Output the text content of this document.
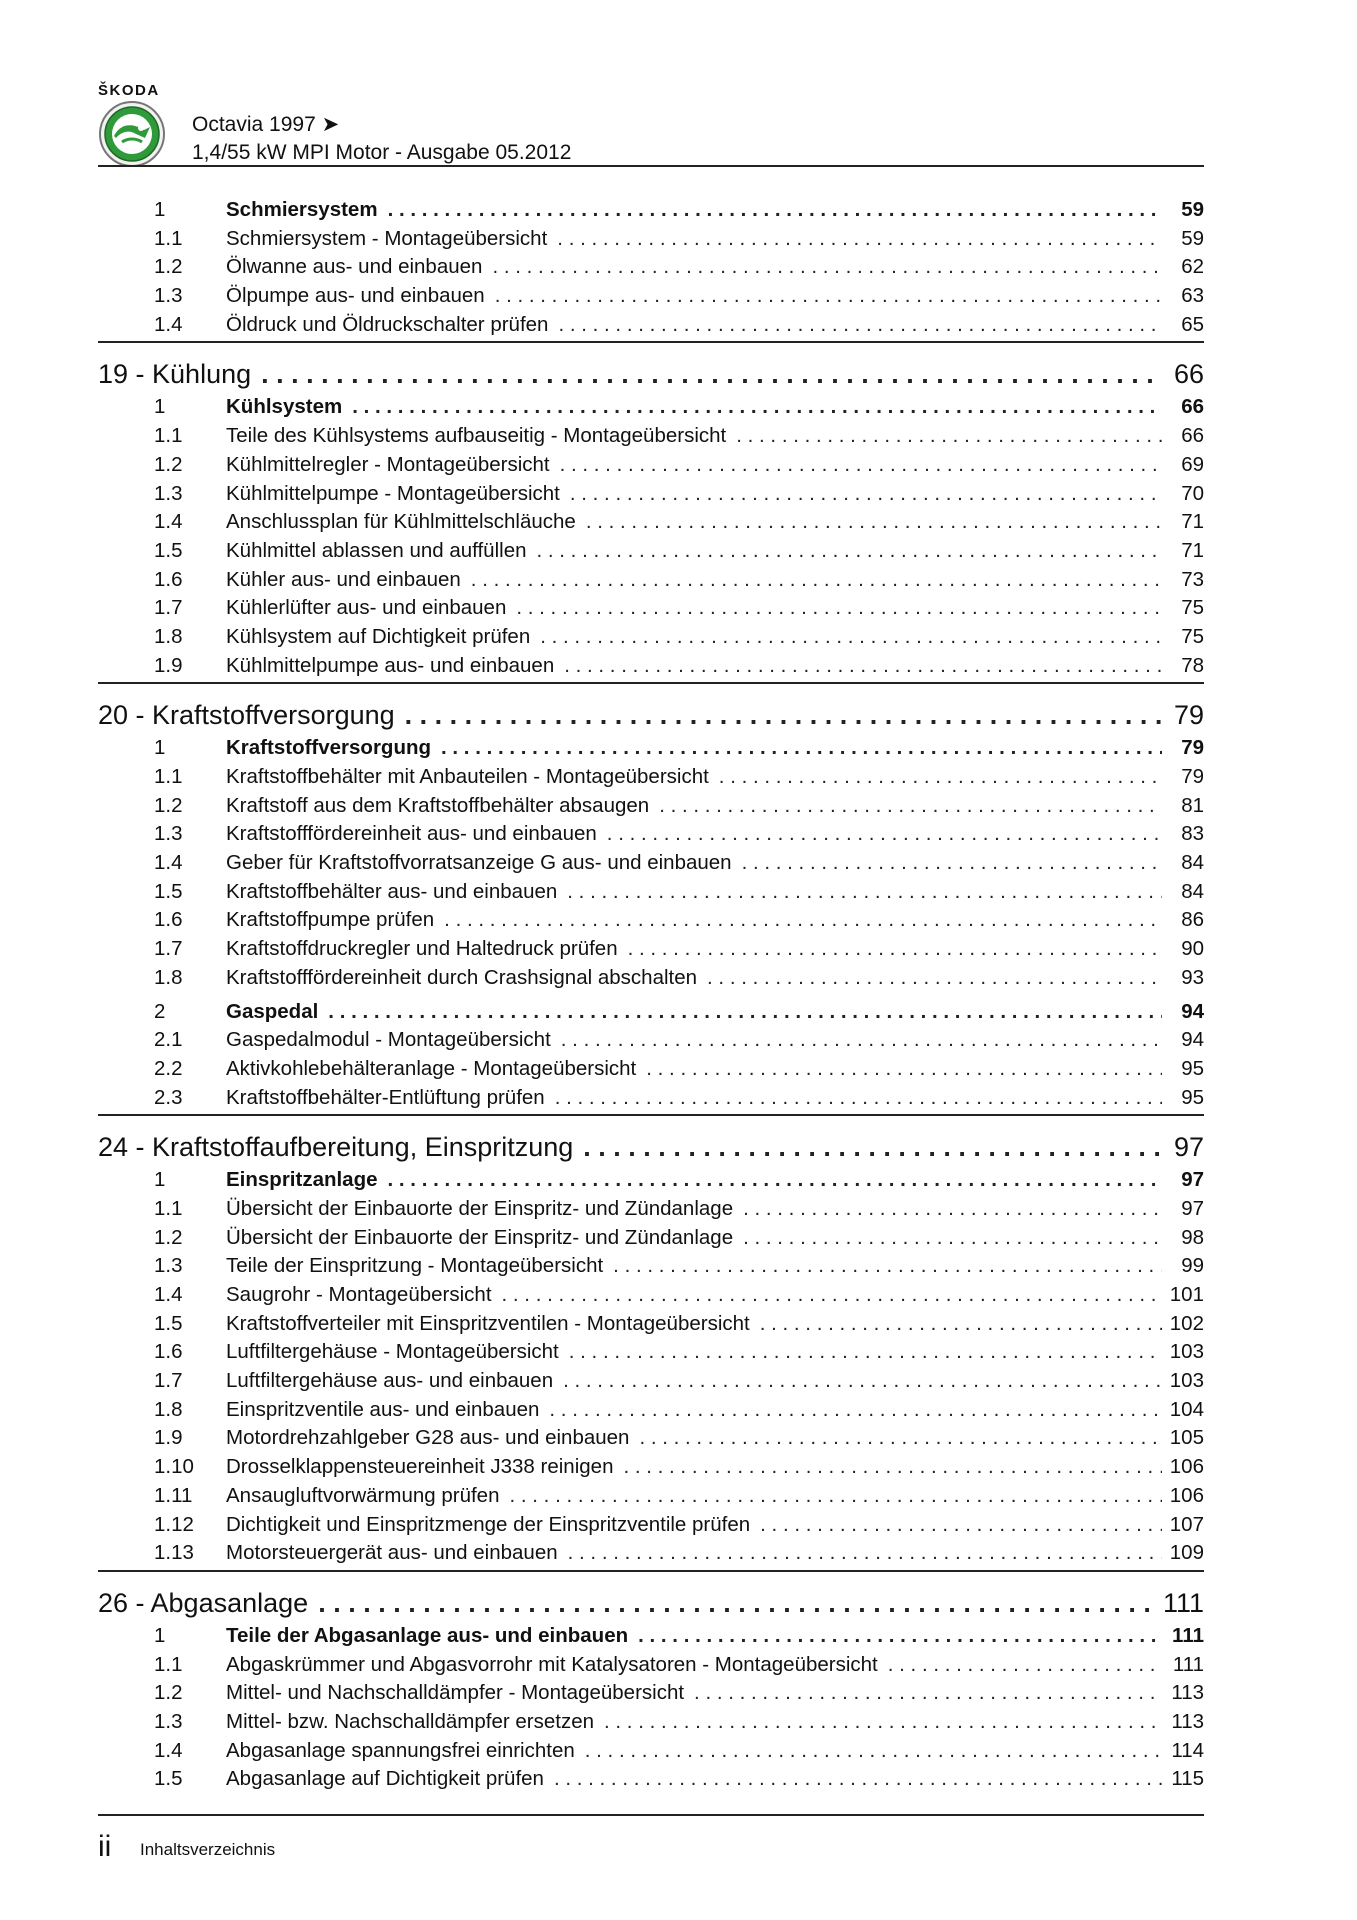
ŠKODA
Octavia 1997 ➤
1,4/55 kW MPI Motor - Ausgabe 05.2012
1	Schmiersystem . . .	59
1.1	Schmiersystem - Montageübersicht . . .	59
1.2	Ölwanne aus- und einbauen . . .	62
1.3	Ölpumpe aus- und einbauen . . .	63
1.4	Öldruck und Öldruckschalter prüfen . . .	65
19 - Kühlung . . .	66
1	Kühlsystem . . .	66
1.1	Teile des Kühlsystems aufbauseitig - Montageübersicht . . .	66
1.2	Kühlmittelregler - Montageübersicht . . .	69
1.3	Kühlmittelpumpe - Montageübersicht . . .	70
1.4	Anschlussplan für Kühlmittelschläuche . . .	71
1.5	Kühlmittel ablassen und auffüllen . . .	71
1.6	Kühler aus- und einbauen . . .	73
1.7	Kühlerlüfter aus- und einbauen . . .	75
1.8	Kühlsystem auf Dichtigkeit prüfen . . .	75
1.9	Kühlmittelpumpe aus- und einbauen . . .	78
20 - Kraftstoffversorgung . . .	79
1	Kraftstoffversorgung . . .	79
1.1	Kraftstoffbehälter mit Anbauteilen - Montageübersicht . . .	79
1.2	Kraftstoff aus dem Kraftstoffbehälter absaugen . . .	81
1.3	Kraftstofffördereinheit aus- und einbauen . . .	83
1.4	Geber für Kraftstoffvorratsanzeige G aus- und einbauen . . .	84
1.5	Kraftstoffbehälter aus- und einbauen . . .	84
1.6	Kraftstoffpumpe prüfen . . .	86
1.7	Kraftstoffdruckregler und Haltedruck prüfen . . .	90
1.8	Kraftstofffördereinheit durch Crashsignal abschalten . . .	93
2	Gaspedal . . .	94
2.1	Gaspedalmodul - Montageübersicht . . .	94
2.2	Aktivkohlebehälteranlage - Montageübersicht . . .	95
2.3	Kraftstoffbehälter-Entlüftung prüfen . . .	95
24 - Kraftstoffaufbereitung, Einspritzung . . .	97
1	Einspritzanlage . . .	97
1.1	Übersicht der Einbauorte der Einspritz- und Zündanlage . . .	97
1.2	Übersicht der Einbauorte der Einspritz- und Zündanlage . . .	98
1.3	Teile der Einspritzung - Montageübersicht . . .	99
1.4	Saugrohr - Montageübersicht . . .	101
1.5	Kraftstoffverteiler mit Einspritzventilen - Montageübersicht . . .	102
1.6	Luftfiltergehäuse - Montageübersicht . . .	103
1.7	Luftfiltergehäuse aus- und einbauen . . .	103
1.8	Einspritzventile aus- und einbauen . . .	104
1.9	Motordrehzahlgeber G28 aus- und einbauen . . .	105
1.10	Drosselklappensteuereinheit J338 reinigen . . .	106
1.11	Ansaugluftvorwärmung prüfen . . .	106
1.12	Dichtigkeit und Einspritzmenge der Einspritzventile prüfen . . .	107
1.13	Motorsteuergerät aus- und einbauen . . .	109
26 - Abgasanlage . . .	111
1	Teile der Abgasanlage aus- und einbauen . . .	111
1.1	Abgaskrümmer und Abgasvorrohr mit Katalysatoren - Montageübersicht . . .	111
1.2	Mittel- und Nachschalldämpfer - Montageübersicht . . .	113
1.3	Mittel- bzw. Nachschalldämpfer ersetzen . . .	113
1.4	Abgasanlage spannungsfrei einrichten . . .	114
1.5	Abgasanlage auf Dichtigkeit prüfen . . .	115
ii Inhaltsverzeichnis
